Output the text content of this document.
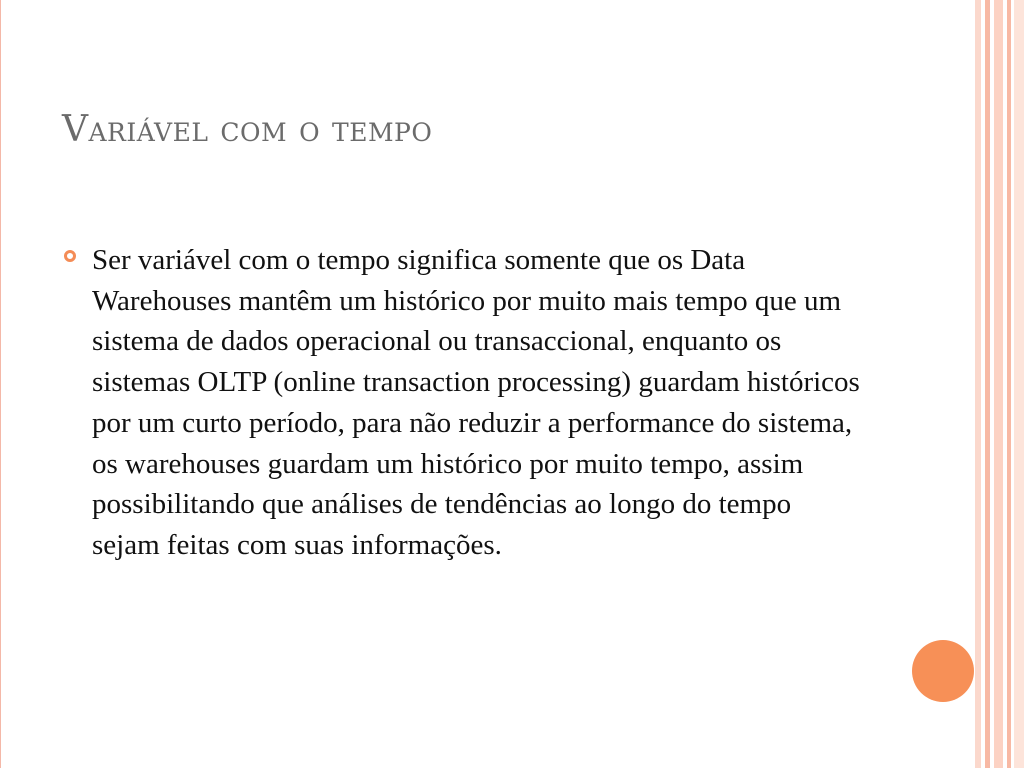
Variável com o tempo

Ser variável com o tempo significa somente que os Data Warehouses mantêm um histórico por muito mais tempo que um sistema de dados operacional ou transaccional, enquanto os sistemas OLTP (online transaction processing) guardam históricos por um curto período, para não reduzir a performance do sistema, os warehouses guardam um histórico por muito tempo, assim possibilitando que análises de tendências ao longo do tempo sejam feitas com suas informações.
